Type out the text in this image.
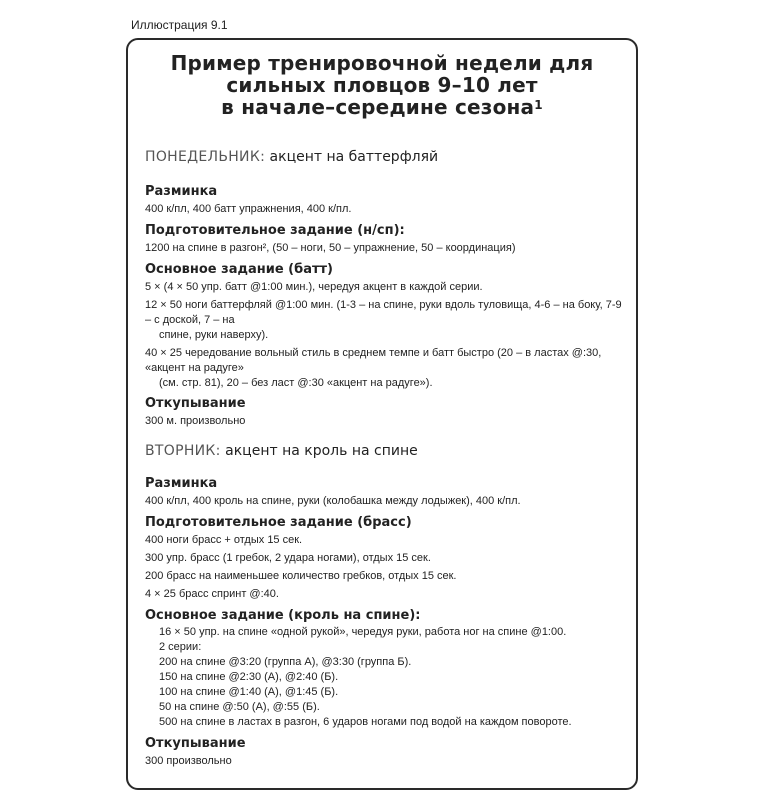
Иллюстрация 9.1
Пример тренировочной недели для
сильных пловцов 9–10 лет
в начале–середине сезона$^1$

ПОНЕДЕЛЬНИК: акцент на баттерфляй

Разминка

400 к/пл, 400 батт упражнения, 400 к/пл.

Подготовительное задание (н/сп):

1200 на спине в разгон², (50 – ноги, 50 – упражнение, 50 – координация)

Основное задание (батт)

5 × (4 × 50 упр. батт @1:00 мин.), чередуя акцент в каждой серии.

12 × 50 ноги баттерфляй @1:00 мин. (1-3 – на спине, руки вдоль туловища, 4-6 – на боку, 7-9 – с доской, 7 – на

спине, руки наверху).

40 × 25 чередование вольный стиль в среднем темпе и батт быстро (20 – в ластах @:30, «акцент на радуге»

(см. стр. 81), 20 – без ласт @:30 «акцент на радуге»).

Откупывание

300 м. произвольно

ВТОРНИК: акцент на кроль на спине

Разминка

400 к/пл, 400 кроль на спине, руки (колобашка между лодыжек), 400 к/пл.

Подготовительное задание (брасс)

400 ноги брасс + отдых 15 сек.

300 упр. брасс (1 гребок, 2 удара ногами), отдых 15 сек.

200 брасс на наименьшее количество гребков, отдых 15 сек.

4 × 25 брасс спринт @:40.

Основное задание (кроль на спине):

16 × 50 упр. на спине «одной рукой», чередуя руки, работа ног на спине @1:00.

2 серии:

200 на спине @3:20 (группа А), @3:30 (группа Б).

150 на спине @2:30 (А), @2:40 (Б).

100 на спине @1:40 (А), @1:45 (Б).

50 на спине @:50 (А), @:55 (Б).

500 на спине в ластах в разгон, 6 ударов ногами под водой на каждом повороте.

Откупывание

300 произвольно
